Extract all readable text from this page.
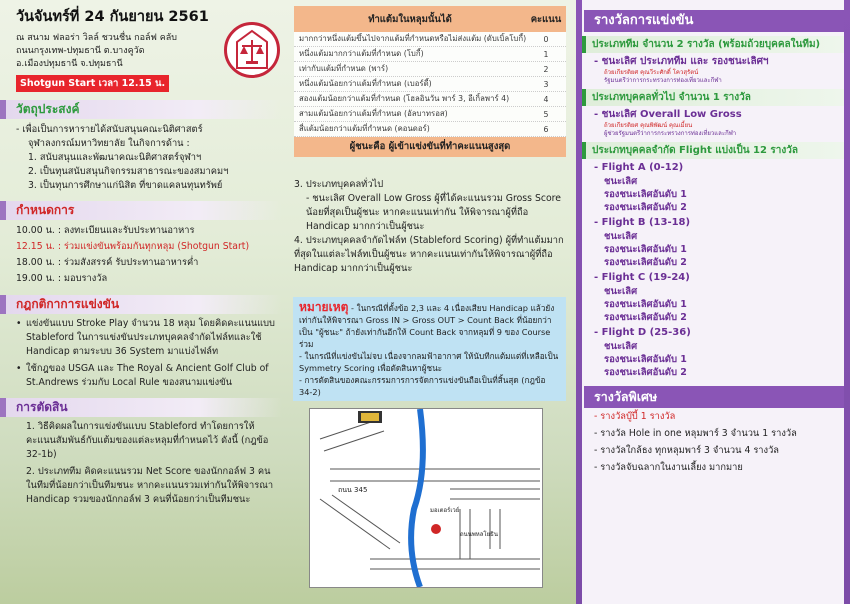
วันจันทร์ที่ 24 กันยายน 2561
ณ สนาม ฟลอร่า วิลล์ ชวนชื่น กอล์ฟ คลับ
ถนนกรุงเทพ-ปทุมธานี ต.บางคูวัด
อ.เมืองปทุมธานี จ.ปทุมธานี
Shotgun Start เวลา 12.15 น.
วัตถุประสงค์
- เพื่อเป็นการหารายได้สนับสนุนคณะนิติศาสตร์
จุฬาลงกรณ์มหาวิทยาลัย ในกิจการด้าน :
1. สนับสนุนและพัฒนาคณะนิติศาสตร์จุฬาฯ
2. เป็นทุนสนับสนุนกิจกรรมสาธารณะของสมาคมฯ
3. เป็นทุนการศึกษาแก่นิสิต ที่ขาดแคลนทุนทรัพย์
กำหนดการ
10.00 น. : ลงทะเบียนและรับประทานอาหาร
12.15 น. : ร่วมแข่งขันพร้อมกันทุกหลุม (Shotgun Start)
18.00 น. : ร่วมสังสรรค์ รับประทานอาหารค่ำ
19.00 น. : มอบรางวัล
กฎกติกาการแข่งขัน
• แข่งขันแบบ Stroke Play จำนวน 18 หลุม โดยคิดคะแนนแบบ Stableford ในการแข่งขันประเภทบุคคลจำกัดไฟล์ทและใช้ Handicap ตามระบบ 36 System มาแบ่งไฟล์ท
• ใช้กฎของ USGA และ The Royal & Ancient Golf Club of St.Andrews ร่วมกับ Local Rule ของสนามแข่งขัน
การตัดสิน
1. วิธีคิดผลในการแข่งขันแบบ Stableford ทำโดยการให้คะแนนสัมพันธ์กับแต้มของแต่ละหลุมที่กำหนดไว้ ดังนี้ (กฎข้อ 32-1b)
2. ประเภททีม คิดคะแนนรวม Net Score ของนักกอล์ฟ 3 คน ในทีมที่น้อยกว่าเป็นทีมชนะ หากคะแนนรวมเท่ากันให้พิจารณา Handicap รวมของนักกอล์ฟ 3 คนที่น้อยกว่าเป็นทีมชนะ
ทำแต้มในหลุมนั้นได้	คะแนน
มากกว่าหนึ่งแต้มขึ้นไปจากแต้มที่กำหนดหรือไม่ส่งแต้ม (ดับเบิ้ลโบกี้)	0
หนึ่งแต้มมากกว่าแต้มที่กำหนด (โบกี้)	1
เท่ากับแต้มที่กำหนด (พาร์)	2
หนึ่งแต้มน้อยกว่าแต้มที่กำหนด (เบอร์ดี้)	3
สองแต้มน้อยกว่าแต้มที่กำหนด (โฮลอินวัน พาร์ 3, อีเกิ้ลพาร์ 4)	4
สามแต้มน้อยกว่าแต้มที่กำหนด (อัลบาทรอส)	5
สี่แต้มน้อยกว่าแต้มที่กำหนด (คอนดอร์)	6
ผู้ชนะคือ ผู้เข้าแข่งขันที่ทำคะแนนสูงสุด
3. ประเภทบุคคลทั่วไป
- ชนะเลิศ Overall Low Gross ผู้ที่ได้คะแนนรวม Gross Score น้อยที่สุดเป็นผู้ชนะ หากคะแนนเท่ากัน ให้พิจารณาผู้ที่ถือ Handicap มากกว่าเป็นผู้ชนะ
4. ประเภทบุคคลจำกัดไฟล์ท (Stableford Scoring) ผู้ที่ทำแต้มมากที่สุดในแต่ละไฟล์ทเป็นผู้ชนะ หากคะแนนเท่ากันให้พิจารณาผู้ที่ถือ Handicap มากกว่าเป็นผู้ชนะ
หมายเหตุ - ในกรณีที่ตั้งข้อ 2,3 และ 4 เนื่องเสียบ Handicap แล้วยังเท่ากันให้พิจารณา Gross IN > Gross OUT > Count Back ที่น้อยกว่าเป็น "ผู้ชนะ" ถ้ายังเท่ากันอีกให้ Count Back จากหลุมที่ 9 ของ Course ร่วม
- ในกรณีที่แข่งขันไม่จบ เนื่องจากลมฟ้าอากาศ ให้นับทีกแต้มแต่ที่เหลือเป็น Symmetry Scoring เพื่อตัดสินหาผู้ชนะ
- การตัดสินของคณะกรรมการการจัดการแข่งขันถือเป็นที่สิ้นสุด (กฎข้อ 34-2)
ถนน 345
มอเตอร์เวย์
ถนนพหลโยธิน
รางวัลการแข่งขัน
ประเภททีม จำนวน 2 รางวัล (พร้อมถ้วยบุคคลในทีม)
- ชนะเลิศ ประเภททีม และ รองชนะเลิศฯ
ถ้วยเกียรติยศ คุณวีระศักดิ์ โควสุรัตน์
รัฐมนตรีว่าการกระทรวงการท่องเที่ยวและกีฬา
ประเภทบุคคลทั่วไป จำนวน 1 รางวัล
- ชนะเลิศ Overall Low Gross
ถ้วยเกียรติยศ คุณพิพัฒน์ คุณเมี้ยน
ผู้ช่วยรัฐมนตรีว่าการกระทรวงการท่องเที่ยวและกีฬา
ประเภทบุคคลจำกัด Flight แบ่งเป็น 12 รางวัล
- Flight A (0-12)
ชนะเลิศ
รองชนะเลิศอันดับ 1
รองชนะเลิศอันดับ 2
- Flight B (13-18)
ชนะเลิศ
รองชนะเลิศอันดับ 1
รองชนะเลิศอันดับ 2
- Flight C (19-24)
ชนะเลิศ
รองชนะเลิศอันดับ 1
รองชนะเลิศอันดับ 2
- Flight D (25-36)
ชนะเลิศ
รองชนะเลิศอันดับ 1
รองชนะเลิศอันดับ 2
รางวัลพิเศษ
- รางวัลบู๊บี้ 1 รางวัล
- รางวัล Hole in one หลุมพาร์ 3 จำนวน 1 รางวัล
- รางวัลใกล้ธง ทุกหลุมพาร์ 3 จำนวน 4 รางวัล
- รางวัลจับฉลากในงานเลี้ยง มากมาย
